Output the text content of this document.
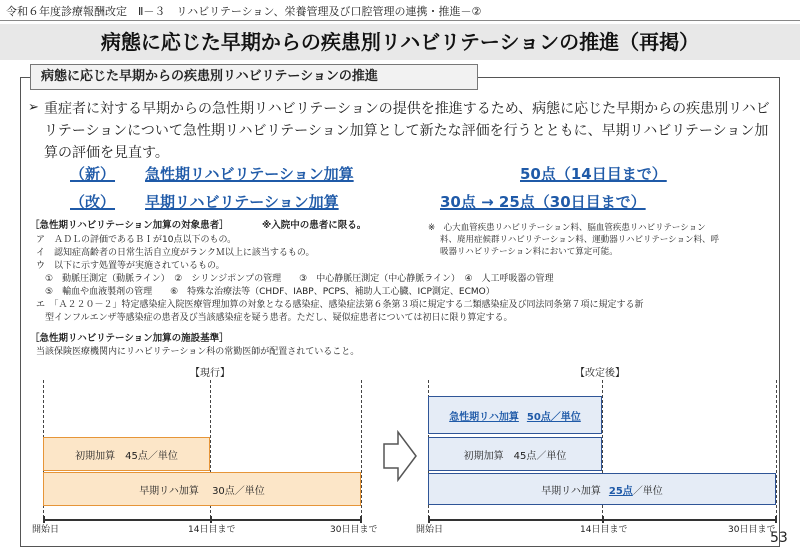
令和６年度診療報酬改定　Ⅱ－３　リハビリテーション、栄養管理及び口腔管理の連携・推進－②
病態に応じた早期からの疾患別リハビリテーションの推進（再掲）
病態に応じた早期からの疾患別リハビリテーションの推進
➢ 重症者に対する早期からの急性期リハビリテーションの提供を推進するため、病態に応じた早期からの疾患別リハビリテーションについて急性期リハビリテーション加算として新たな評価を行うとともに、早期リハビリテーション加算の評価を見直す。
（新） 急性期リハビリテーション加算	50点（14日目まで）
（改） 早期リハビリテーション加算	30点 → 25点（30日目まで）
［急性期リハビリテーション加算の対象患者］	※入院中の患者に限る。
ア　ＡＤＬの評価であるＢＩが10点以下のもの。
イ　認知症高齢者の日常生活自立度がランクＭ以上に該当するもの。
ウ　以下に示す処置等が実施されているもの。
　①　動脈圧測定（動脈ライン）　②　シリンジポンプの管理　　③　中心静脈圧測定（中心静脈ライン）　④　人工呼吸器の管理
　⑤　輸血や血液製剤の管理　　⑥　特殊な治療法等（CHDF、IABP、PCPS、補助人工心臓、ICP測定、ECMO）
エ　「Ａ２２０－２」特定感染症入院医療管理加算の対象となる感染症、感染症法第６条第３項に規定する二類感染症及び同法同条第７項に規定する新
　型インフルエンザ等感染症の患者及び当該感染症を疑う患者。ただし、疑似症患者については初日に限り算定する。
※　心大血管疾患リハビリテーション料、脳血管疾患リハビリテーション
料、廃用症候群リハビリテーション料、運動器リハビリテーション料、呼
吸器リハビリテーション料において算定可能。
［急性期リハビリテーション加算の施設基準］
当該保険医療機関内にリハビリテーション科の常勤医師が配置されていること。
【現行】
初期加算　45点／単位
早期リハ加算　 30点／単位
開始日	14日目まで	30日目まで
【改定後】
急性期リハ加算 50点／単位
初期加算　45点／単位
早期リハ加算 25点 ／単位
開始日	14日目まで	30日目まで
53
